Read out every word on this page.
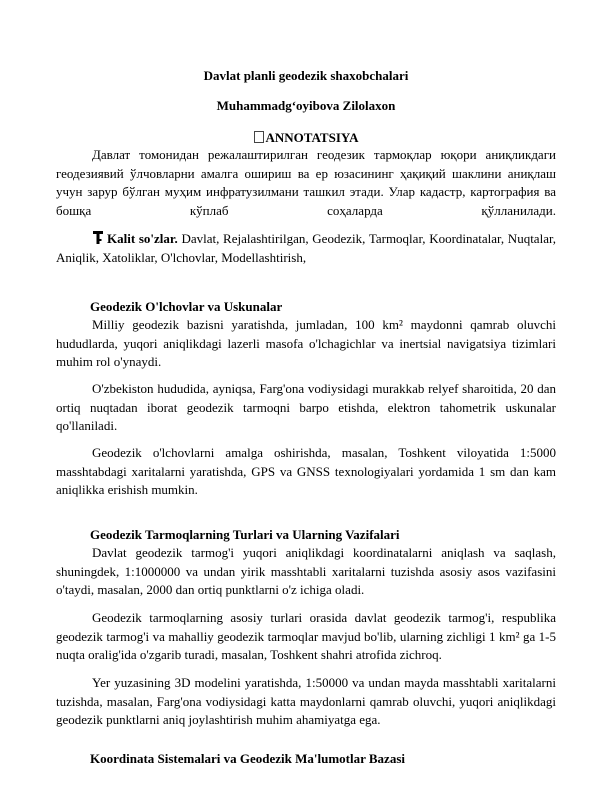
Davlat planli geodezik shaxobchalari
Muhammadg‘oyibova Zilolaxon
ANNOTATSIYA

Давлат томонидан режалаштирилган геодезик тармоқлар юқори аниқликдаги геодезиявий ўлчовларни амалга ошириш ва ер юзасининг ҳақиқий шаклини аниқлаш учун зарур бўлган муҳим инфратузилмани ташкил этади. Улар кадастр, картография ва бошқа кўплаб соҳаларда қўлланилади.

Kalit so'zlar. Davlat, Rejalashtirilgan, Geodezik, Tarmoqlar, Koordinatalar, Nuqtalar, Aniqlik, Xatoliklar, O'lchovlar, Modellashtirish,

Geodezik O'lchovlar va Uskunalar

Milliy geodezik bazisni yaratishda, jumladan, 100 km² maydonni qamrab oluvchi hududlarda, yuqori aniqlikdagi lazerli masofa o'lchagichlar va inertsial navigatsiya tizimlari muhim rol o'ynaydi.

O'zbekiston hududida, ayniqsa, Farg'ona vodiysidagi murakkab relyef sharoitida, 20 dan ortiq nuqtadan iborat geodezik tarmoqni barpo etishda, elektron tahometrik uskunalar qo'llaniladi.

Geodezik o'lchovlarni amalga oshirishda, masalan, Toshkent viloyatida 1:5000 masshtabdagi xaritalarni yaratishda, GPS va GNSS texnologiyalari yordamida 1 sm dan kam aniqlikka erishish mumkin.

Geodezik Tarmoqlarning Turlari va Ularning Vazifalari

Davlat geodezik tarmog'i yuqori aniqlikdagi koordinatalarni aniqlash va saqlash, shuningdek, 1:1000000 va undan yirik masshtabli xaritalarni tuzishda asosiy asos vazifasini o'taydi, masalan, 2000 dan ortiq punktlarni o'z ichiga oladi.

Geodezik tarmoqlarning asosiy turlari orasida davlat geodezik tarmog'i, respublika geodezik tarmog'i va mahalliy geodezik tarmoqlar mavjud bo'lib, ularning zichligi 1 km² ga 1-5 nuqta oralig'ida o'zgarib turadi, masalan, Toshkent shahri atrofida zichroq.

Yer yuzasining 3D modelini yaratishda, 1:50000 va undan mayda masshtabli xaritalarni tuzishda, masalan, Farg'ona vodiysidagi katta maydonlarni qamrab oluvchi, yuqori aniqlikdagi geodezik punktlarni aniq joylashtirish muhim ahamiyatga ega.

Koordinata Sistemalari va Geodezik Ma'lumotlar Bazasi
